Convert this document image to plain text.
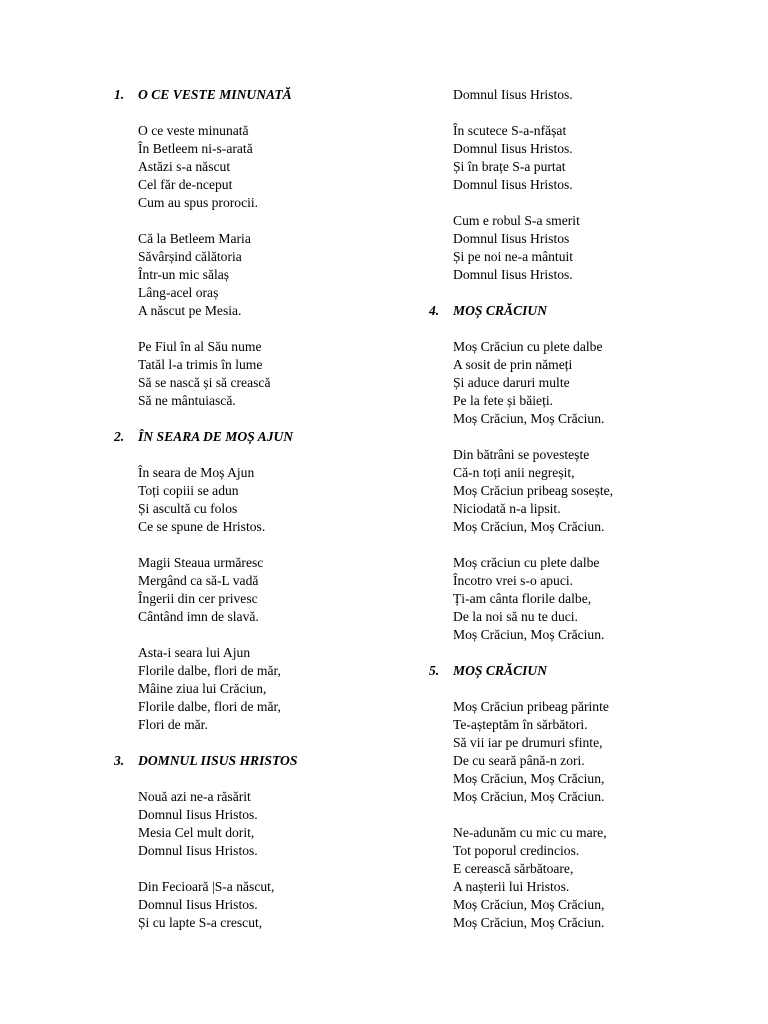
1.	O CE VESTE MINUNATĂ
O ce veste minunată
În Betleem ni-s-arată
Astăzi s-a născut
Cel făr de-nceput
Cum au spus prorocii.
Că la Betleem Maria
Săvârșind călătoria
Într-un mic sălaș
Lâng-acel oraș
A născut pe Mesia.
Pe Fiul în al Său nume
Tatăl l-a trimis în lume
Să se nască și să crească
Să ne mântuiască.
2.	ÎN SEARA DE MOȘ AJUN
În seara de Moș Ajun
Toți copiii se adun
Și ascultă cu folos
Ce se spune de Hristos.
Magii Steaua urmăresc
Mergând ca să-L vadă
Îngerii din cer privesc
Cântând imn de slavă.
Asta-i seara lui Ajun
Florile dalbe, flori de măr,
Mâine ziua lui Crăciun,
Florile dalbe, flori de măr,
Flori de măr.
3.	DOMNUL IISUS HRISTOS
Nouă azi ne-a răsărit
Domnul Iisus Hristos.
Mesia Cel mult dorit,
Domnul Iisus Hristos.
Din Fecioară |S-a născut,
Domnul Iisus Hristos.
Și cu lapte S-a crescut,
Domnul Iisus Hristos.
În scutece S-a-nfășat
Domnul Iisus Hristos.
Și în brațe S-a purtat
Domnul Iisus Hristos.
Cum e robul S-a smerit
Domnul Iisus Hristos
Și pe noi ne-a mântuit
Domnul Iisus Hristos.
4.	MOȘ CRĂCIUN
Moș Crăciun cu plete dalbe
A sosit de prin nămeți
Și aduce daruri multe
Pe la fete și băieți.
Moș Crăciun, Moș Crăciun.
Din bătrâni se povestește
Că-n toți anii negreșit,
Moș Crăciun pribeag sosește,
Niciodată n-a lipsit.
Moș Crăciun, Moș Crăciun.
Moș crăciun cu plete dalbe
Încotro vrei s-o apuci.
Ți-am cânta florile dalbe,
De la noi să nu te duci.
Moș Crăciun, Moș Crăciun.
5.	MOȘ CRĂCIUN
Moș Crăciun pribeag părinte
Te-așteptăm în sărbători.
Să vii iar pe drumuri sfinte,
De cu seară până-n zori.
Moș Crăciun, Moș Crăciun,
Moș Crăciun, Moș Crăciun.
Ne-adunăm cu mic cu mare,
Tot poporul credincios.
E cerească sărbătoare,
A nașterii lui Hristos.
Moș Crăciun, Moș Crăciun,
Moș Crăciun, Moș Crăciun.
